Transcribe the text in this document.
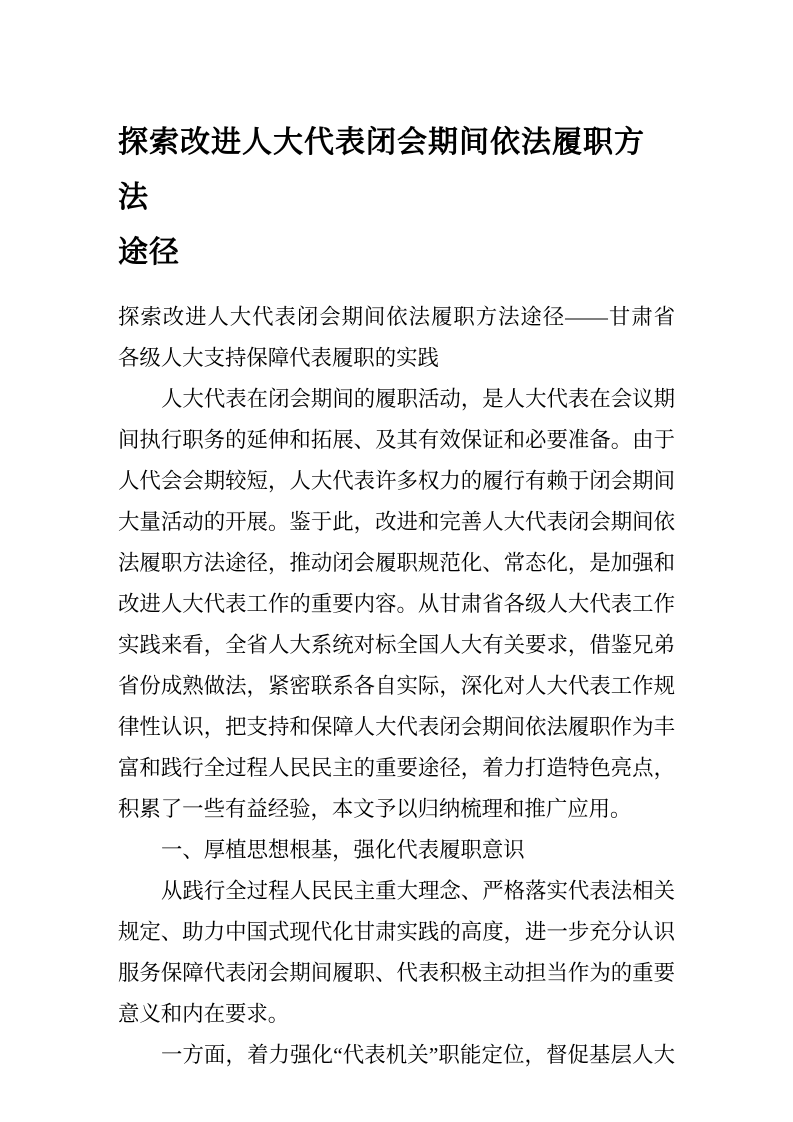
探索改进人大代表闭会期间依法履职方法
途径
探索改进人大代表闭会期间依法履职方法途径——甘肃省
各级人大支持保障代表履职的实践
人大代表在闭会期间的履职活动，是人大代表在会议期
间执行职务的延伸和拓展、及其有效保证和必要准备。由于
人代会会期较短，人大代表许多权力的履行有赖于闭会期间
大量活动的开展。鉴于此，改进和完善人大代表闭会期间依
法履职方法途径，推动闭会履职规范化、常态化，是加强和
改进人大代表工作的重要内容。从甘肃省各级人大代表工作
实践来看，全省人大系统对标全国人大有关要求，借鉴兄弟
省份成熟做法，紧密联系各自实际，深化对人大代表工作规
律性认识，把支持和保障人大代表闭会期间依法履职作为丰
富和践行全过程人民民主的重要途径，着力打造特色亮点，
积累了一些有益经验，本文予以归纳梳理和推广应用。
一、厚植思想根基，强化代表履职意识
从践行全过程人民民主重大理念、严格落实代表法相关
规定、助力中国式现代化甘肃实践的高度，进一步充分认识
服务保障代表闭会期间履职、代表积极主动担当作为的重要
意义和内在要求。
一方面，着力强化“代表机关”职能定位，督促基层人大
